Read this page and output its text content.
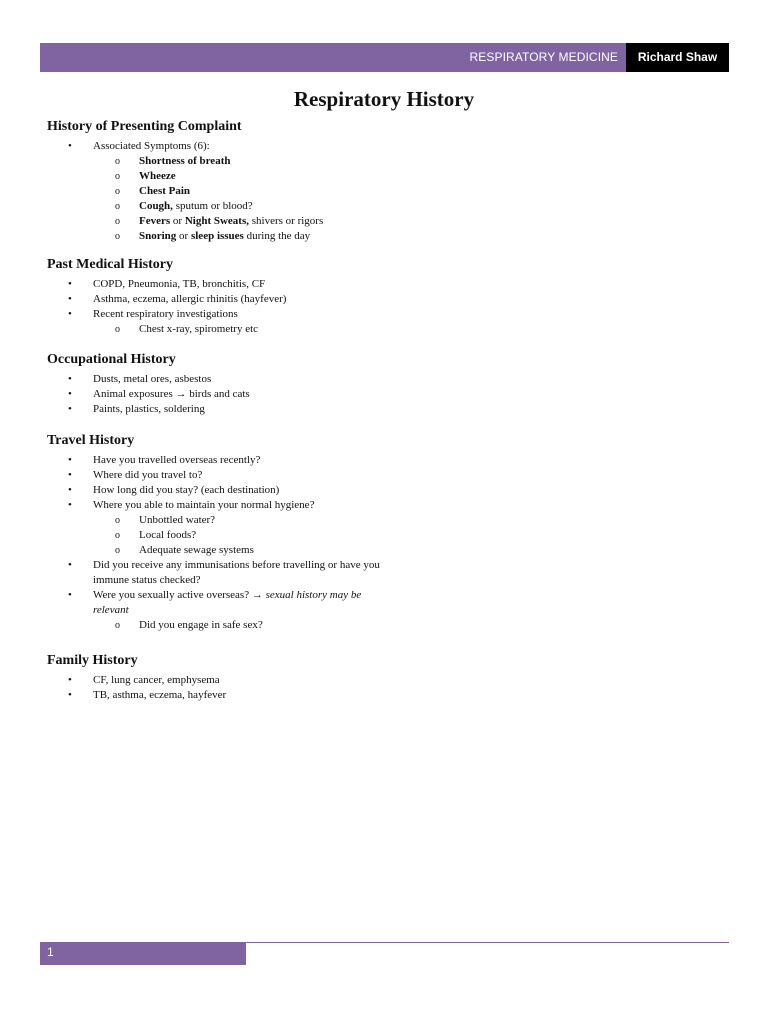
RESPIRATORY MEDICINE	Richard Shaw
Respiratory History
History of Presenting Complaint
• Associated Symptoms (6):
o Shortness of breath
o Wheeze
o Chest Pain
o Cough, sputum or blood?
o Fevers or Night Sweats, shivers or rigors
o Snoring or sleep issues during the day
Past Medical History
• COPD, Pneumonia, TB, bronchitis, CF
• Asthma, eczema, allergic rhinitis (hayfever)
• Recent respiratory investigations
o Chest x-ray, spirometry etc
Occupational History
• Dusts, metal ores, asbestos
• Animal exposures → birds and cats
• Paints, plastics, soldering
Travel History
• Have you travelled overseas recently?
• Where did you travel to?
• How long did you stay? (each destination)
• Where you able to maintain your normal hygiene?
o Unbottled water?
o Local foods?
o Adequate sewage systems
• Did you receive any immunisations before travelling or have you immune status checked?
• Were you sexually active overseas? → sexual history may be relevant
o Did you engage in safe sex?
Family History
• CF, lung cancer, emphysema
• TB, asthma, eczema, hayfever
1
